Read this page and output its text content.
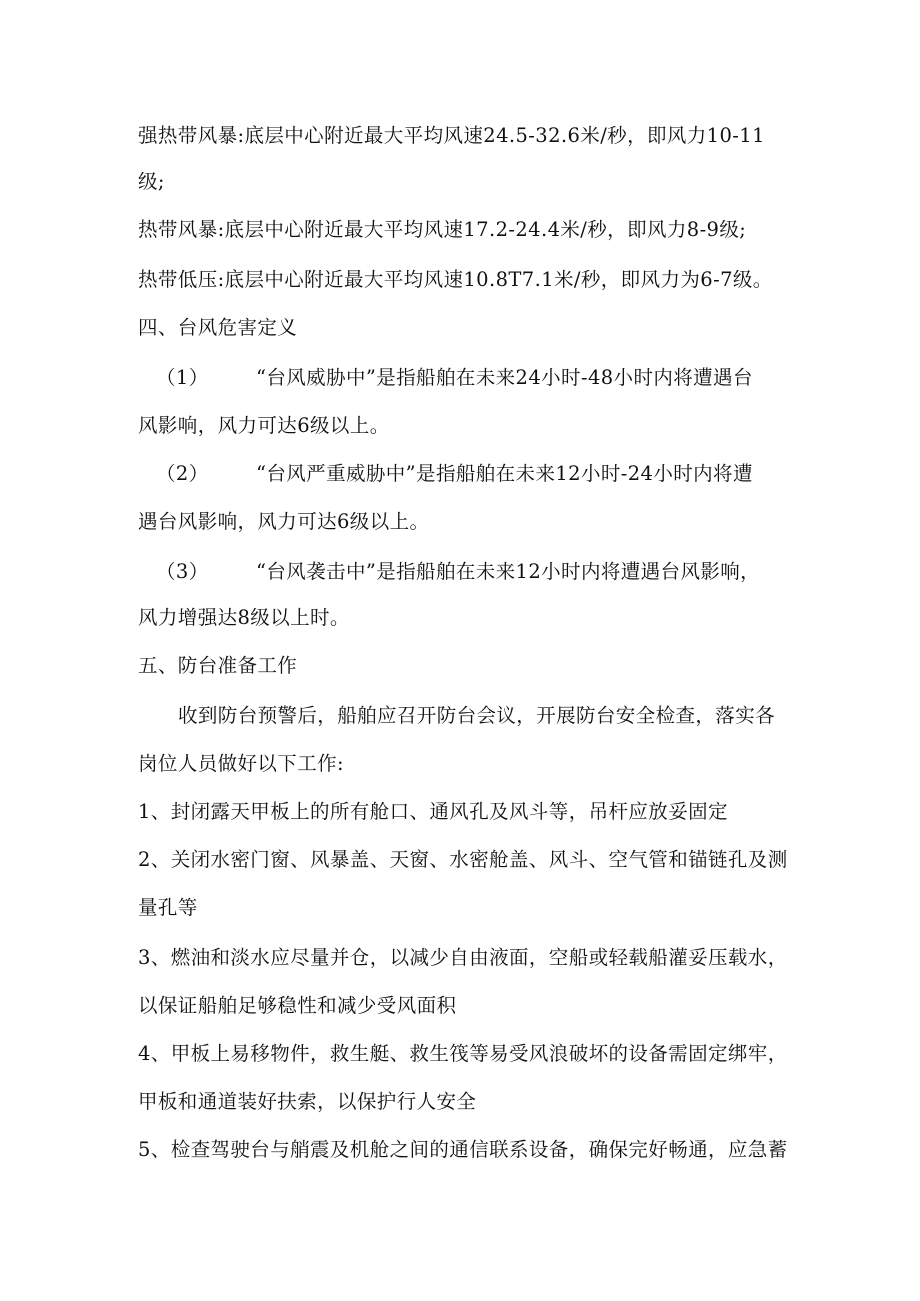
强热带风暴:底层中心附近最大平均风速24.5-32.6米/秒，即风力10-11
级;
热带风暴:底层中心附近最大平均风速17.2-24.4米/秒，即风力8-9级;
热带低压:底层中心附近最大平均风速10.8T7.1米/秒，即风力为6-7级。
四、台风危害定义
（1） “台风威胁中”是指船舶在未来24小时-48小时内将遭遇台
风影响，风力可达6级以上。
（2） “台风严重威胁中”是指船舶在未来12小时-24小时内将遭
遇台风影响，风力可达6级以上。
（3） “台风袭击中”是指船舶在未来12小时内将遭遇台风影响，
风力增强达8级以上时。
五、防台准备工作
收到防台预警后，船舶应召开防台会议，开展防台安全检查，落实各
岗位人员做好以下工作:
1、封闭露天甲板上的所有舱口、通风孔及风斗等，吊杆应放妥固定
2、关闭水密门窗、风暴盖、天窗、水密舱盖、风斗、空气管和锚链孔及测
量孔等
3、燃油和淡水应尽量并仓，以减少自由液面，空船或轻载船灌妥压载水，
以保证船舶足够稳性和减少受风面积
4、甲板上易移物件，救生艇、救生筏等易受风浪破坏的设备需固定绑牢，
甲板和通道装好扶索，以保护行人安全
5、检查驾驶台与艄震及机舱之间的通信联系设备，确保完好畅通，应急蓄
